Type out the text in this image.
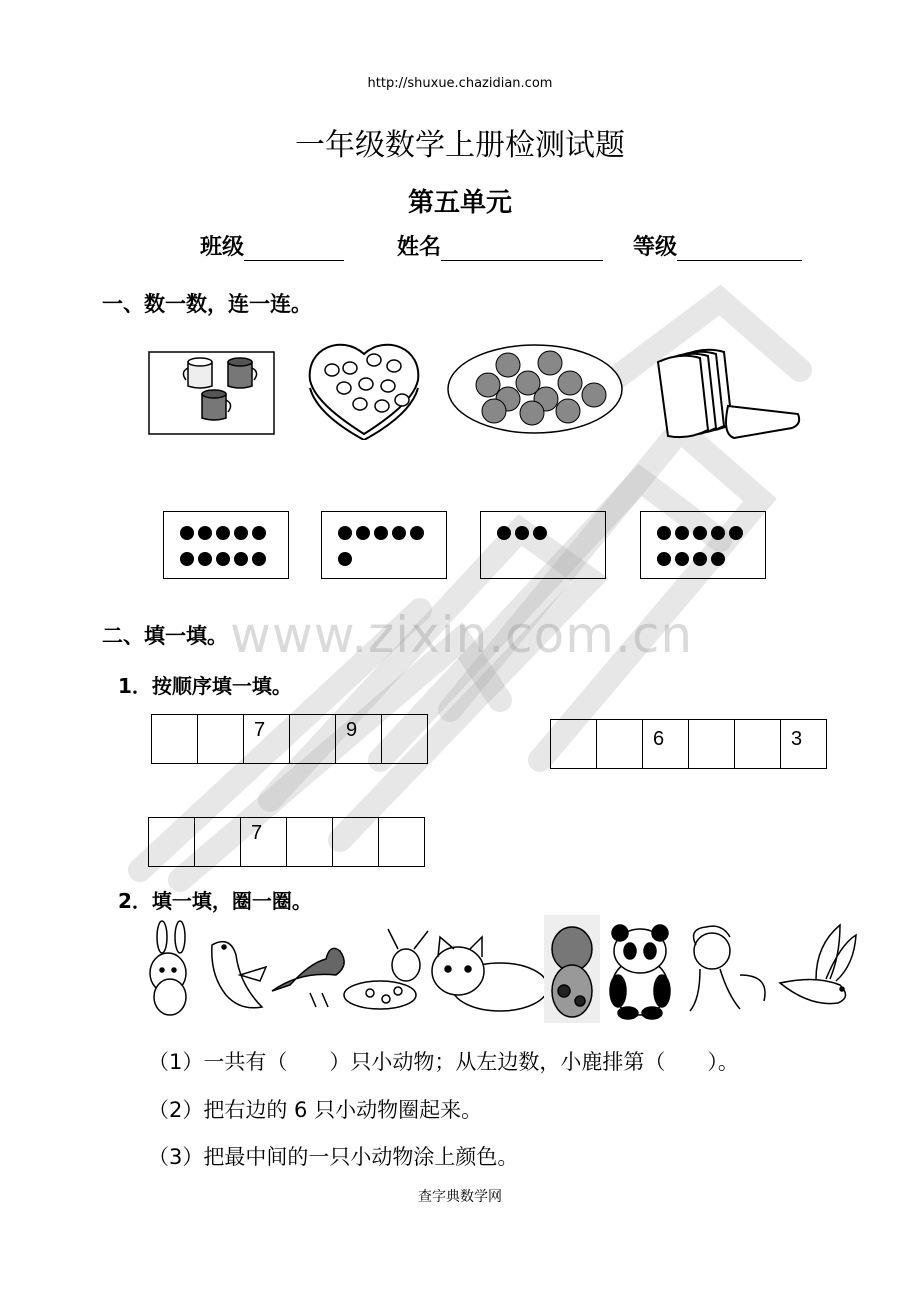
www.zixin.com.cn
http://shuxue.chazidian.com
一年级数学上册检测试题
第五单元
班级	姓名	等级
一、数一数，连一连。
二、填一填。
1．按顺序填一填。

7		9

		6			3

7

2．填一填，圈一圈。
（1）一共有（　　）只小动物；从左边数，小鹿排第（　　）。
（2）把右边的 6 只小动物圈起来。
（3）把最中间的一只小动物涂上颜色。
查字典数学网
